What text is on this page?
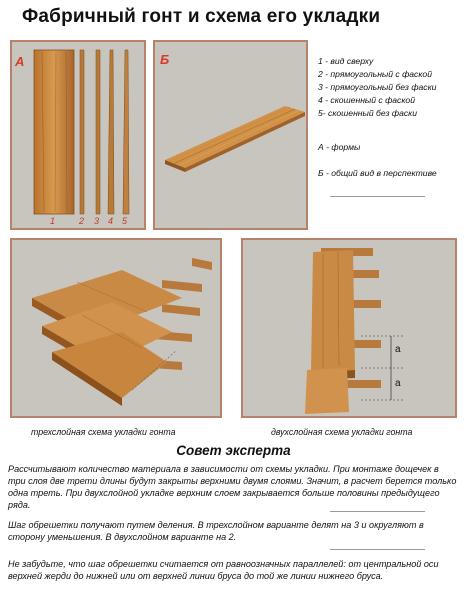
Фабричный гонт и схема его укладки
А
1	2 3 4 5
Б	1 - вид сверху
2 - прямоугольный с фаской
3 - прямоугольный без фаски
4 - скошенный с фаской
5- скошенный без фаски
А - формы
Б - общий вид в перспективе
a
a
трехслойная схема укладки гонта	двухслойная схема укладки гонта
Совет эксперта
Рассчитывают количество материала в зависимости от схемы укладки. При монтаже дощечек в три слоя две трети длины будут закрыты верхними двумя слоями. Значит, в расчет берется только одна треть. При двухслойной укладке верхним слоем закрывается больше половины предыдущего ряда.
Шаг обрешетки получают путем деления. В трехслойном варианте делят на 3 и округляют в сторону уменьшения. В двухслойном варианте на 2.
Не забудьте, что шаг обрешетки считается от равноозначных параллелей: от центральной оси верхней жерди до нижней или от верхней линии бруса до той же линии нижнего бруса.
